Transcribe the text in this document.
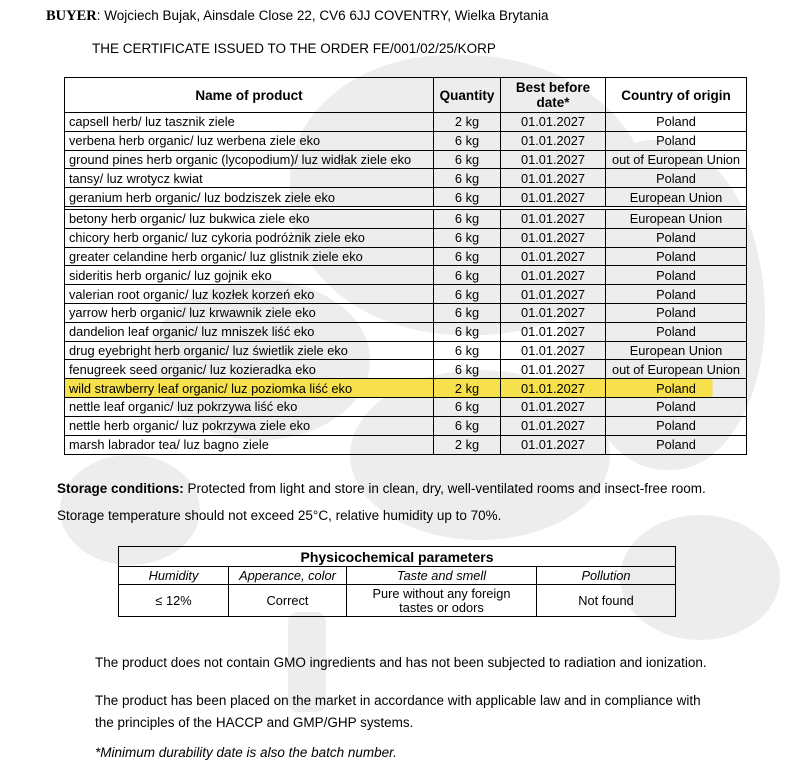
BUYER: Wojciech Bujak, Ainsdale Close 22, CV6 6JJ COVENTRY, Wielka Brytania
THE CERTIFICATE ISSUED TO THE ORDER FE/001/02/25/KORP
Name of product	Quantity	Best before date*	Country of origin
capsell herb/ luz tasznik ziele	2 kg	01.01.2027	Poland
verbena herb organic/ luz werbena ziele eko	6 kg	01.01.2027	Poland
ground pines herb organic (lycopodium)/ luz widłak ziele eko	6 kg	01.01.2027	out of European Union
tansy/ luz wrotycz kwiat	6 kg	01.01.2027	Poland
geranium herb organic/ luz bodziszek ziele eko	6 kg	01.01.2027	European Union
betony herb organic/ luz bukwica ziele eko	6 kg	01.01.2027	European Union
chicory herb organic/ luz cykoria podróżnik ziele eko	6 kg	01.01.2027	Poland
greater celandine herb organic/ luz glistnik ziele eko	6 kg	01.01.2027	Poland
sideritis herb organic/ luz gojnik eko	6 kg	01.01.2027	Poland
valerian root organic/ luz kozłek korzeń eko	6 kg	01.01.2027	Poland
yarrow herb organic/ luz krwawnik ziele eko	6 kg	01.01.2027	Poland
dandelion leaf organic/ luz mniszek liść eko	6 kg	01.01.2027	Poland
drug eyebright herb organic/ luz świetlik ziele eko	6 kg	01.01.2027	European Union
fenugreek seed organic/ luz kozieradka eko	6 kg	01.01.2027	out of European Union
wild strawberry leaf organic/ luz poziomka liść eko	2 kg	01.01.2027	Poland
nettle leaf organic/ luz pokrzywa liść eko	6 kg	01.01.2027	Poland
nettle herb organic/ luz pokrzywa ziele eko	6 kg	01.01.2027	Poland
marsh labrador tea/ luz bagno ziele	2 kg	01.01.2027	Poland
Storage conditions: Protected from light and store in clean, dry, well-ventilated rooms and insect-free room.
Storage temperature should not exceed 25°C, relative humidity up to 70%.
Physicochemical parameters
Humidity	Apperance, color	Taste and smell	Pollution
≤ 12%	Correct	Pure without any foreign tastes or odors	Not found
The product does not contain GMO ingredients and has not been subjected to radiation and ionization.
The product has been placed on the market in accordance with applicable law and in compliance with the principles of the HACCP and GMP/GHP systems.
*Minimum durability date is also the batch number.
